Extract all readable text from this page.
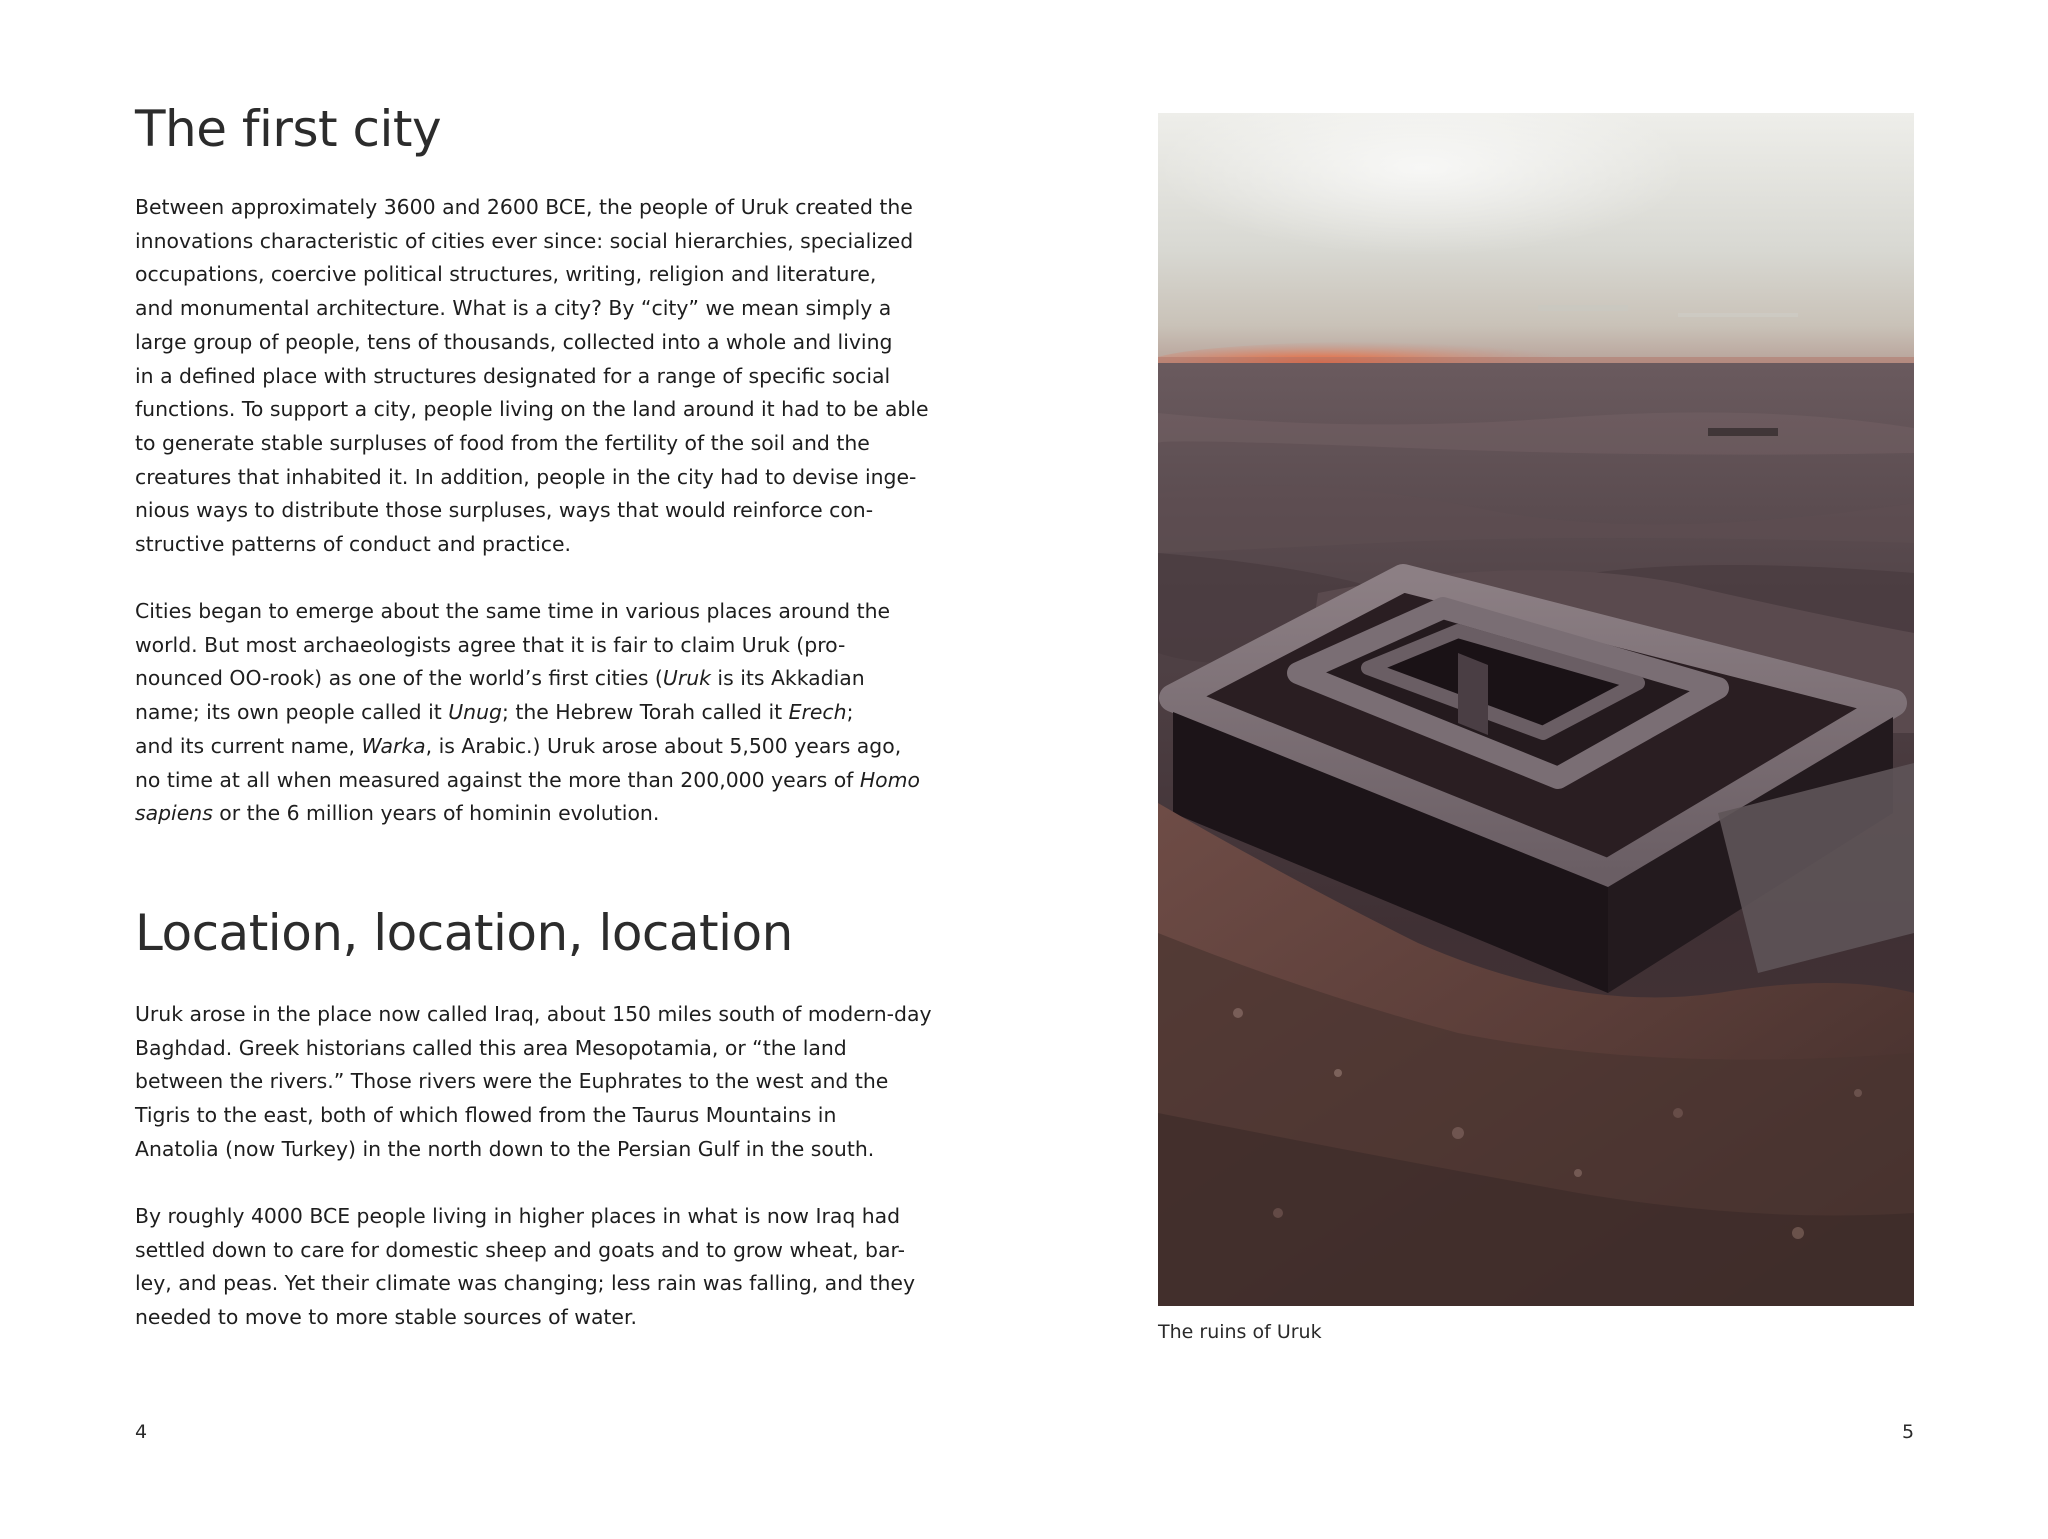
The first city

Between approximately 3600 and 2600 BCE, the people of Uruk created the
innovations characteristic of cities ever since: social hierarchies, specialized
occupations, coercive political structures, writing, religion and literature,
and monumental architecture. What is a city? By “city” we mean simply a
large group of people, tens of thousands, collected into a whole and living
in a defined place with structures designated for a range of specific social
functions. To support a city, people living on the land around it had to be able
to generate stable surpluses of food from the fertility of the soil and the
creatures that inhabited it. In addition, people in the city had to devise inge-
nious ways to distribute those surpluses, ways that would reinforce con-
structive patterns of conduct and practice.

Cities began to emerge about the same time in various places around the
world. But most archaeologists agree that it is fair to claim Uruk (pro-
nounced OO-rook) as one of the world’s first cities (Uruk is its Akkadian
name; its own people called it Unug; the Hebrew Torah called it Erech;
and its current name, Warka, is Arabic.) Uruk arose about 5,500 years ago,
no time at all when measured against the more than 200,000 years of Homo
sapiens or the 6 million years of hominin evolution.

Location, location, location

Uruk arose in the place now called Iraq, about 150 miles south of modern-day
Baghdad. Greek historians called this area Mesopotamia, or “the land
between the rivers.” Those rivers were the Euphrates to the west and the
Tigris to the east, both of which flowed from the Taurus Mountains in
Anatolia (now Turkey) in the north down to the Persian Gulf in the south.

By roughly 4000 BCE people living in higher places in what is now Iraq had
settled down to care for domestic sheep and goats and to grow wheat, bar-
ley, and peas. Yet their climate was changing; less rain was falling, and they
needed to move to more stable sources of water.

4
The ruins of Uruk
5
